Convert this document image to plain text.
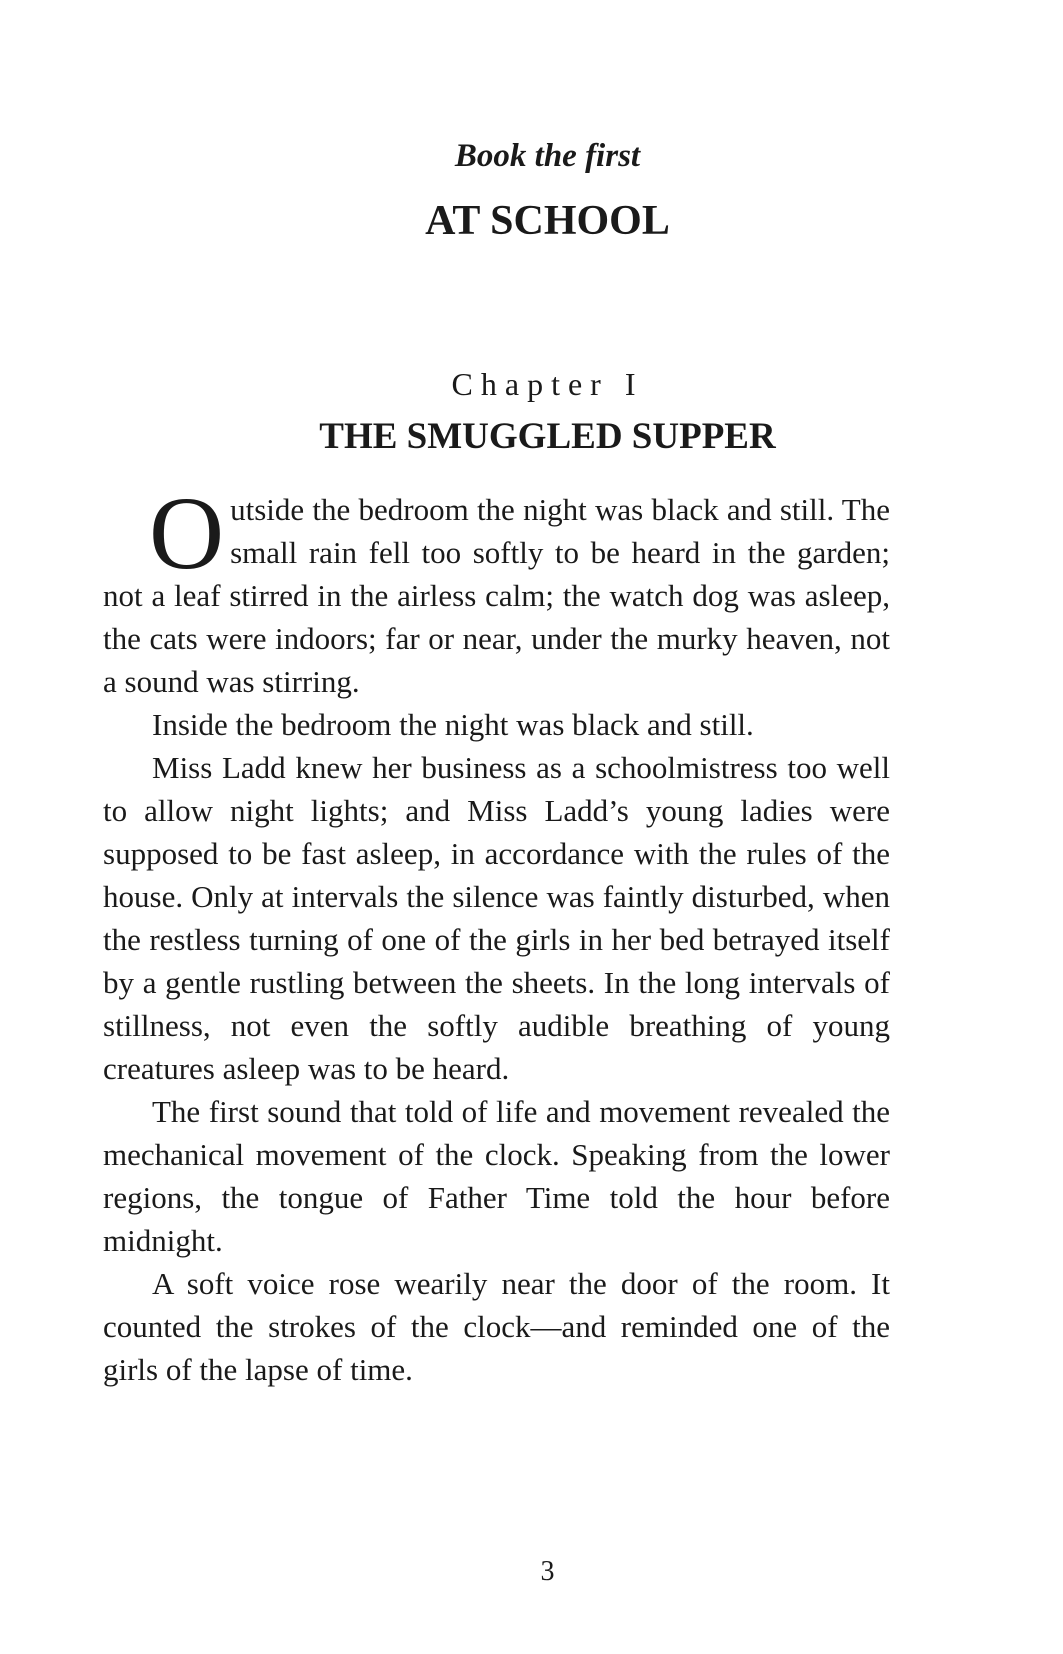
Book the first
AT SCHOOL
Chapter I
THE SMUGGLED SUPPER

Outside the bedroom the night was black and still. The small rain fell too softly to be heard in the garden; not a leaf stirred in the airless calm; the watch dog was asleep, the cats were indoors; far or near, under the murky heaven, not a sound was stirring.

Inside the bedroom the night was black and still.

Miss Ladd knew her business as a schoolmistress too well to allow night lights; and Miss Ladd’s young ladies were supposed to be fast asleep, in accordance with the rules of the house. Only at intervals the silence was faintly disturbed, when the restless turning of one of the girls in her bed betrayed itself by a gentle rustling between the sheets. In the long intervals of stillness, not even the softly audible breathing of young creatures asleep was to be heard.

The first sound that told of life and movement revealed the mechanical movement of the clock. Speaking from the lower regions, the tongue of Father Time told the hour before midnight.

A soft voice rose wearily near the door of the room. It counted the strokes of the clock—and reminded one of the girls of the lapse of time.

3
